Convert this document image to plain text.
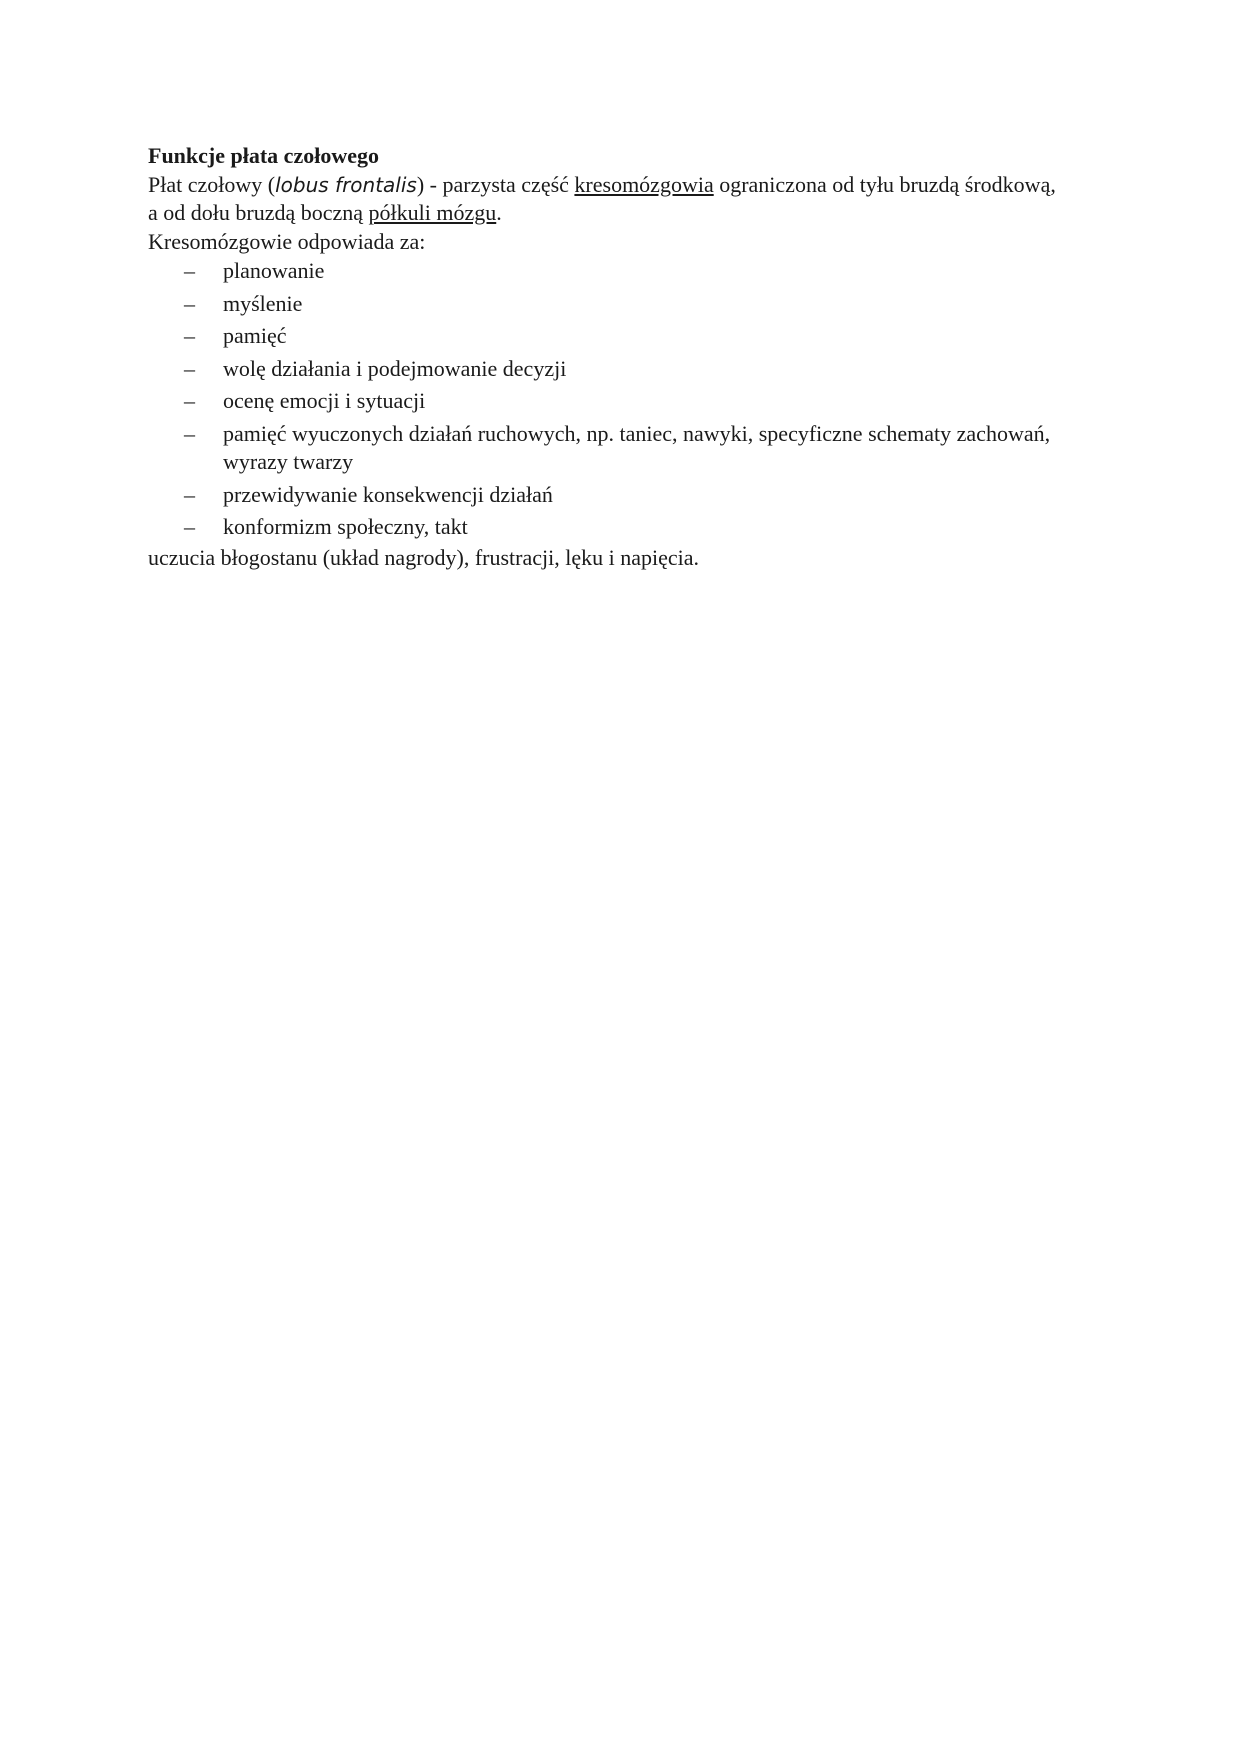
Funkcje płata czołowego

Płat czołowy (lobus frontalis) - parzysta część kresomózgowia ograniczona od tyłu bruzdą środkową, a od dołu bruzdą boczną półkuli mózgu.

Kresomózgowie odpowiada za:

– planowanie
– myślenie
– pamięć
– wolę działania i podejmowanie decyzji
– ocenę emocji i sytuacji
– pamięć wyuczonych działań ruchowych, np. taniec, nawyki, specyficzne schematy zachowań, wyrazy twarzy
– przewidywanie konsekwencji działań
– konformizm społeczny, takt

uczucia błogostanu (układ nagrody), frustracji, lęku i napięcia.
